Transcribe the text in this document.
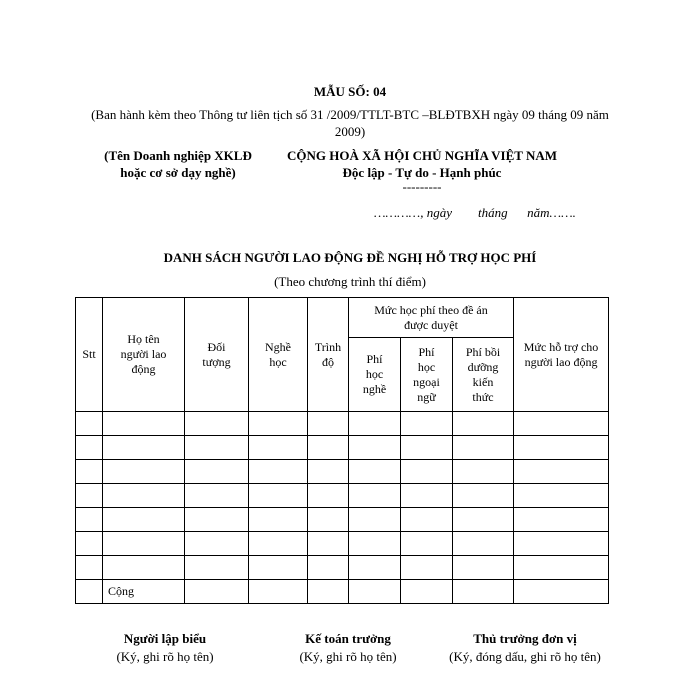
MẪU SỐ: 04
(Ban hành kèm theo Thông tư liên tịch số 31 /2009/TTLT-BTC –BLĐTBXH ngày 09 tháng 09 năm 2009)
(Tên Doanh nghiệp XKLĐ
hoặc cơ sở dạy nghề)
CỘNG HOÀ XÃ HỘI CHỦ NGHĨA VIỆT NAM
Độc lập - Tự do - Hạnh phúc
---------
…………, ngày        tháng      năm…….
DANH SÁCH NGƯỜI LAO ĐỘNG ĐỀ NGHỊ HỖ TRỢ HỌC PHÍ
(Theo chương trình thí điểm)
Stt	Họ tên người lao động	Đối tượng	Nghề học	Trình độ	Mức học phí theo đề án được duyệt			Mức hỗ trợ cho người lao động
					Phí học nghề	Phí học ngoại ngữ	Phí bồi dưỡng kiến thức	

	Cộng							
Người lập biểu
(Ký, ghi rõ họ tên)
Kế toán trưởng
(Ký, ghi rõ họ tên)
Thủ trưởng đơn vị
(Ký, đóng dấu, ghi rõ họ tên)
